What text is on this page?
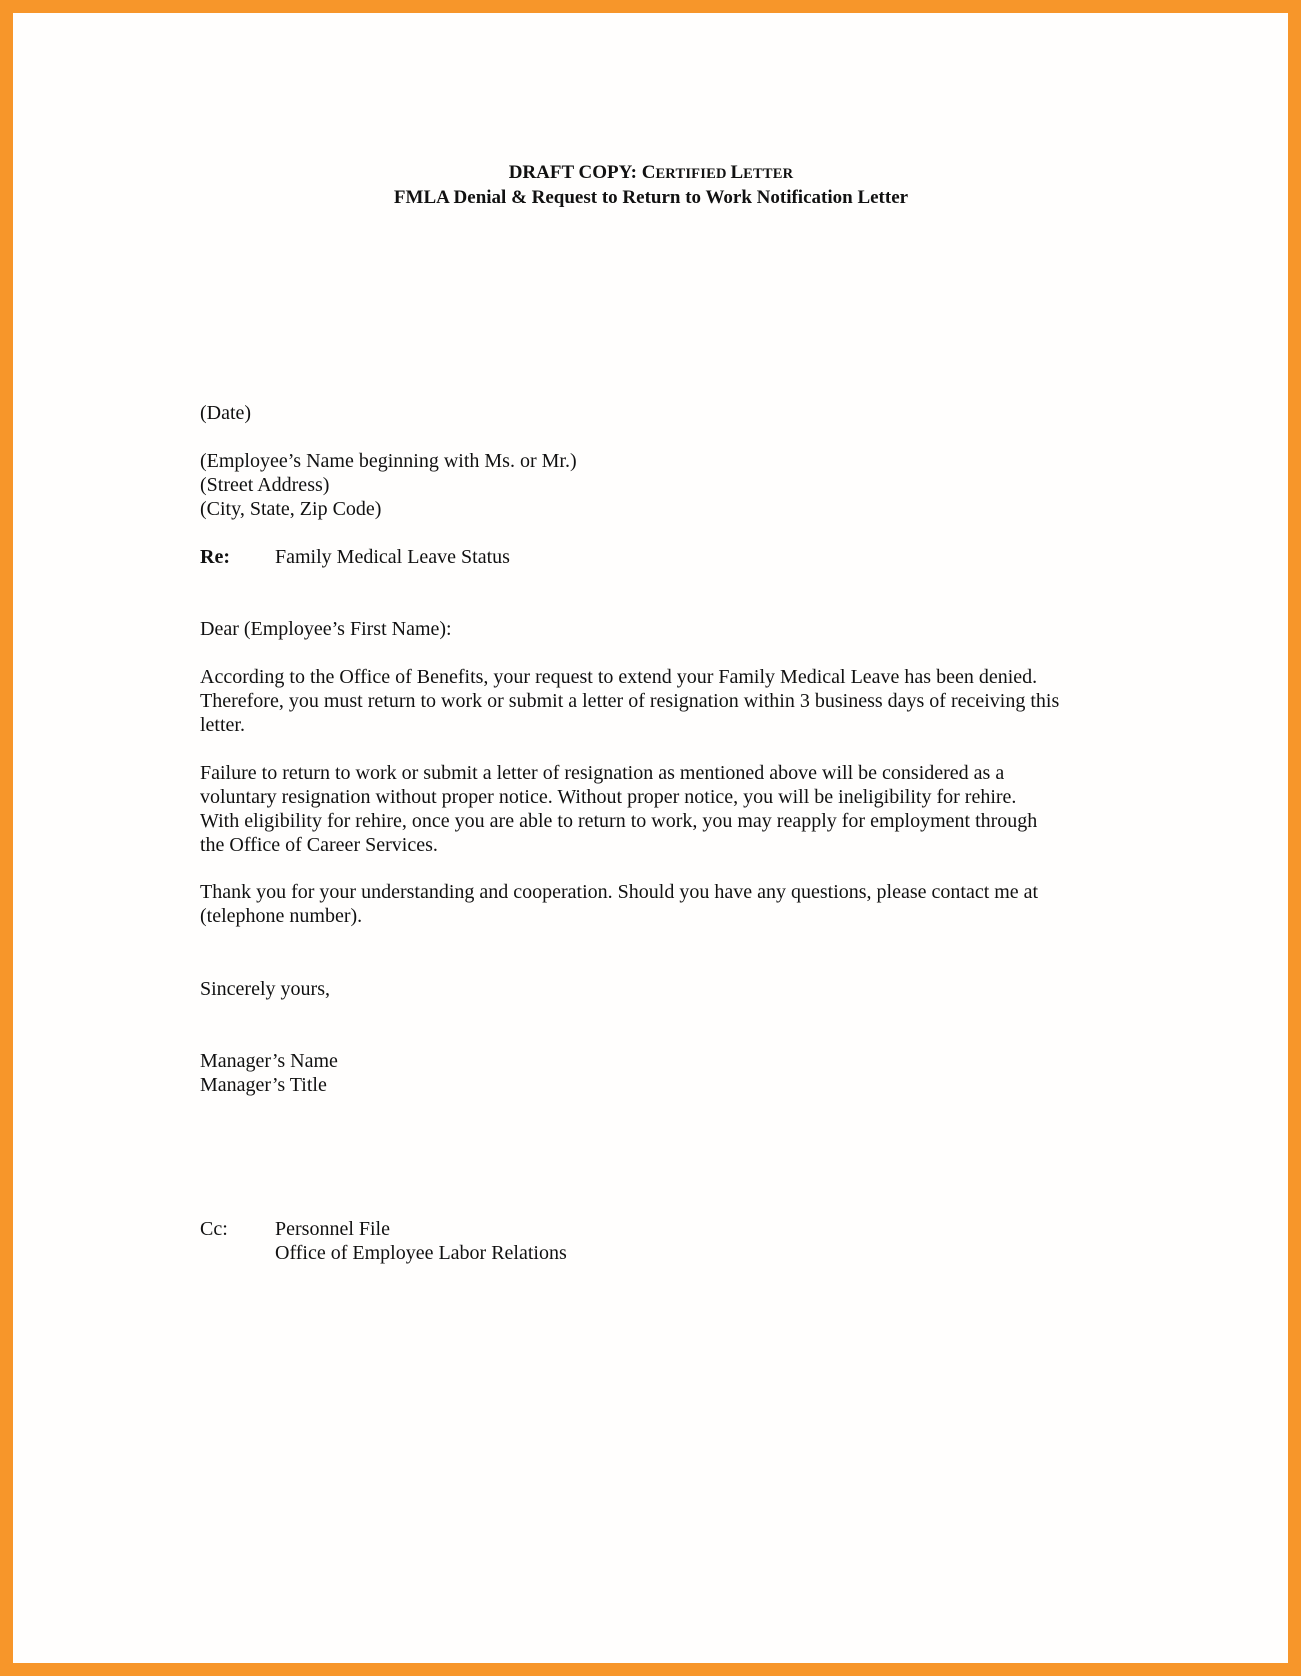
DRAFT COPY: CERTIFIED LETTER
FMLA Denial & Request to Return to Work Notification Letter
(Date)
(Employee’s Name beginning with Ms. or Mr.)
(Street Address)
(City, State, Zip Code)
Re: Family Medical Leave Status
Dear (Employee’s First Name):
According to the Office of Benefits, your request to extend your Family Medical Leave has been denied.
Therefore, you must return to work or submit a letter of resignation within 3 business days of receiving this
letter.
Failure to return to work or submit a letter of resignation as mentioned above will be considered as a
voluntary resignation without proper notice. Without proper notice, you will be ineligibility for rehire.
With eligibility for rehire, once you are able to return to work, you may reapply for employment through
the Office of Career Services.
Thank you for your understanding and cooperation. Should you have any questions, please contact me at
(telephone number).
Sincerely yours,
Manager’s Name
Manager’s Title
Cc: Personnel File
Office of Employee Labor Relations
